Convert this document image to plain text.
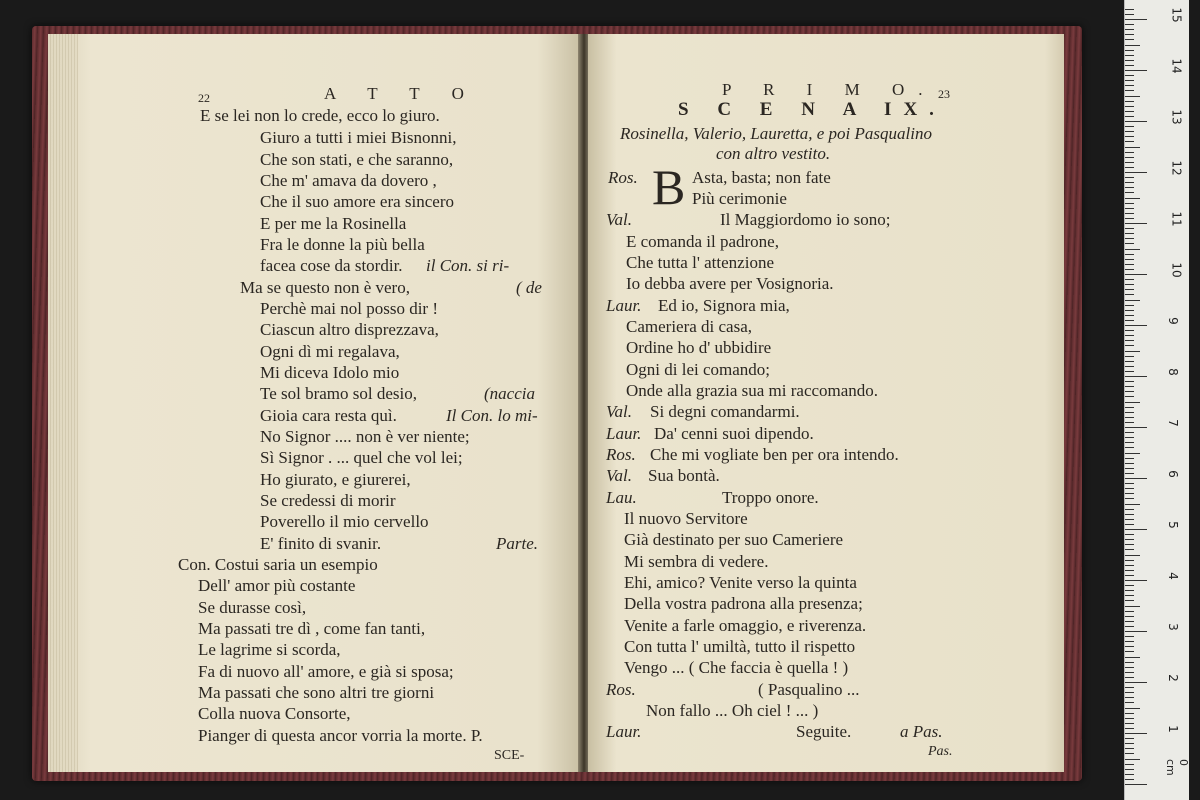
22	A T T O
E se lei non lo crede, ecco lo giuro.
Giuro a tutti i miei Bisnonni,
Che son stati, e che saranno,
Che m' amava da dovero ,
Che il suo amore era sincero
E per me la Rosinella
Fra le donne la più bella
facea cose da stordir. il Con. si ri-
Ma se questo non è vero,	( de
Perchè mai nol posso dir !
Ciascun altro disprezzava,
Ogni dì mi regalava,
Mi diceva Idolo mio
Te sol bramo sol desio,	(naccia
Gioia cara resta quì.	Il Con. lo mi-
No Signor .... non è ver niente;
Sì Signor . ... quel che vol lei;
Ho giurato, e giurerei,
Se credessi di morir
Poverello il mio cervello
E' finito di svanir.	Parte.
Con. Costui saria un esempio
Dell' amor più costante
Se durasse così,
Ma passati tre dì , come fan tanti,
Le lagrime si scorda,
Fa di nuovo all' amore, e già si sposa;
Ma passati che sono altri tre giorni
Colla nuova Consorte,
Pianger di questa ancor vorria la morte. P.
SCE-
P R I M O. 23
S C E N A IX.
Rosinella, Valerio, Lauretta, e poi Pasqualino
con altro vestito.
B
Ros.	Asta, basta; non fate
Più cerimonie
Val.	Il Maggiordomo io sono;
E comanda il padrone,
Che tutta l' attenzione
Io debba avere per Vosignoria.
Laur. Ed io, Signora mia,
Cameriera di casa,
Ordine ho d' ubbidire
Ogni di lei comando;
Onde alla grazia sua mi raccomando.
Val. Si degni comandarmi.
Laur. Da' cenni suoi dipendo.
Ros. Che mi vogliate ben per ora intendo.
Val. Sua bontà.
Lau.	Troppo onore.
Il nuovo Servitore
Già destinato per suo Cameriere
Mi sembra di vedere.
Ehi, amico? Venite verso la quinta
Della vostra padrona alla presenza;
Venite a farle omaggio, e riverenza.
Con tutta l' umiltà, tutto il rispetto
Vengo ... ( Che faccia è quella ! )
Ros.	( Pasqualino ...
Non fallo ... Oh ciel ! ... )
Laur.	Seguite.	a Pas.
Pas.
15
14
13
12
11
10
9
8
7
6
5
4
3
2
1
0 cm
